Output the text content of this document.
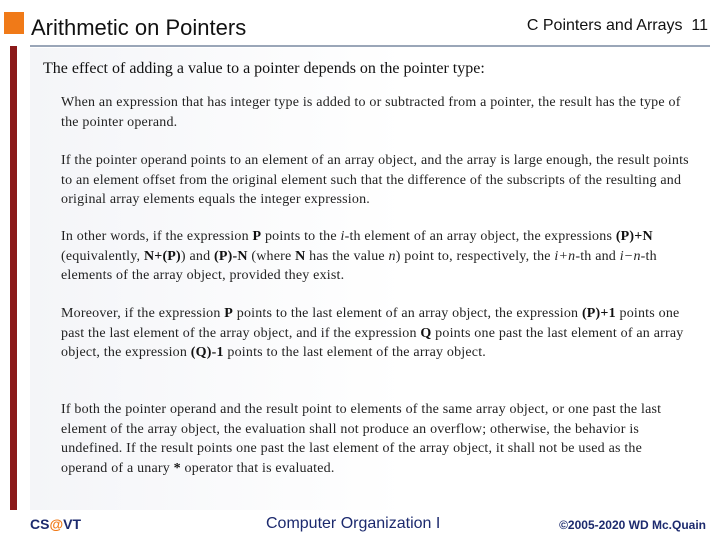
Arithmetic on Pointers	C Pointers and Arrays 11
The effect of adding a value to a pointer depends on the pointer type:
When an expression that has integer type is added to or subtracted from a pointer, the result has the type of the pointer operand.
If the pointer operand points to an element of an array object, and the array is large enough, the result points to an element offset from the original element such that the difference of the subscripts of the resulting and original array elements equals the integer expression.
In other words, if the expression P points to the i-th element of an array object, the expressions (P)+N (equivalently, N+(P)) and (P)-N (where N has the value n) point to, respectively, the i+n-th and i−n-th elements of the array object, provided they exist.
Moreover, if the expression P points to the last element of an array object, the expression (P)+1 points one past the last element of the array object, and if the expression Q points one past the last element of an array object, the expression (Q)-1 points to the last element of the array object.
If both the pointer operand and the result point to elements of the same array object, or one past the last element of the array object, the evaluation shall not produce an overflow; otherwise, the behavior is undefined. If the result points one past the last element of the array object, it shall not be used as the operand of a unary * operator that is evaluated.
CS@VT	Computer Organization I	©2005-2020 WD Mc.Quain
